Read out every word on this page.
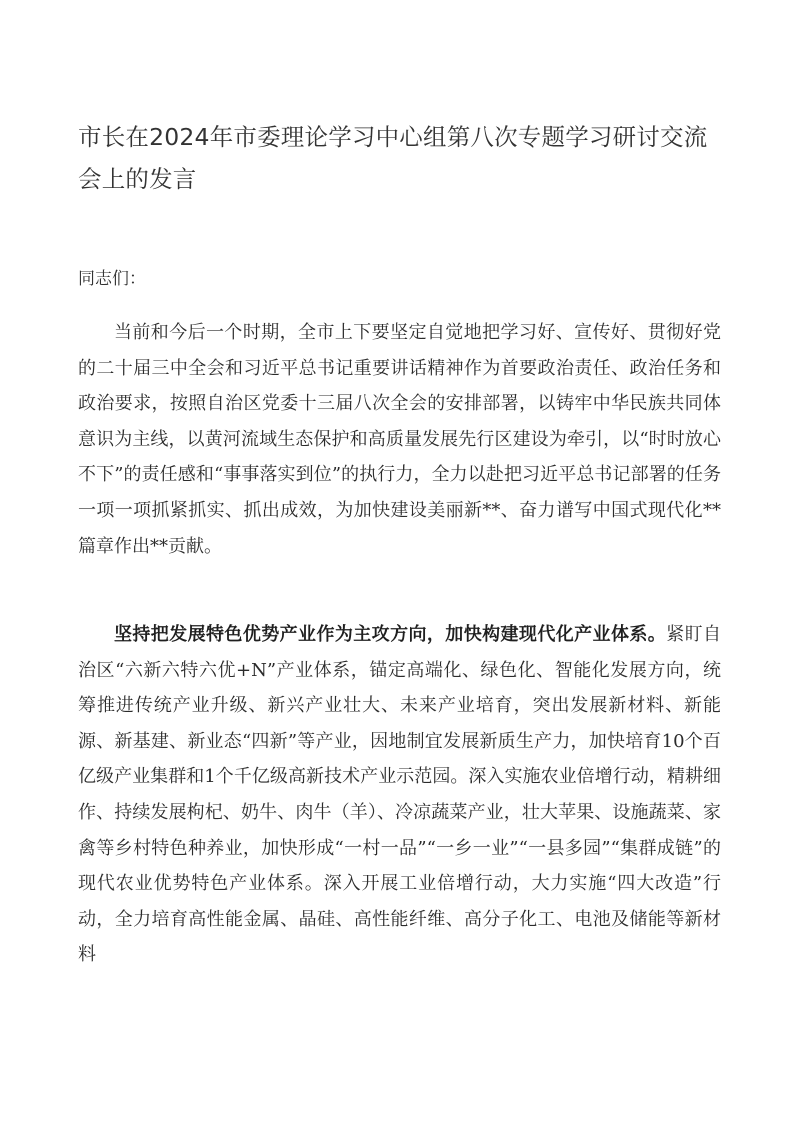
市长在2024年市委理论学习中心组第八次专题学习研讨交流会上的发言

同志们：

当前和今后一个时期，全市上下要坚定自觉地把学习好、宣传好、贯彻好党的二十届三中全会和习近平总书记重要讲话精神作为首要政治责任、政治任务和政治要求，按照自治区党委十三届八次全会的安排部署，以铸牢中华民族共同体意识为主线，以黄河流域生态保护和高质量发展先行区建设为牵引，以“时时放心不下”的责任感和“事事落实到位”的执行力，全力以赴把习近平总书记部署的任务一项一项抓紧抓实、抓出成效，为加快建设美丽新**、奋力谱写中国式现代化**篇章作出**贡献。

坚持把发展特色优势产业作为主攻方向，加快构建现代化产业体系。紧盯自治区“六新六特六优+N”产业体系，锚定高端化、绿色化、智能化发展方向，统筹推进传统产业升级、新兴产业壮大、未来产业培育，突出发展新材料、新能源、新基建、新业态“四新”等产业，因地制宜发展新质生产力，加快培育10个百亿级产业集群和1个千亿级高新技术产业示范园。深入实施农业倍增行动，精耕细作、持续发展枸杞、奶牛、肉牛（羊）、冷凉蔬菜产业，壮大苹果、设施蔬菜、家禽等乡村特色种养业，加快形成“一村一品”“一乡一业”“一县多园”“集群成链”的现代农业优势特色产业体系。深入开展工业倍增行动，大力实施“四大改造”行动，全力培育高性能金属、晶硅、高性能纤维、高分子化工、电池及储能等新材料
